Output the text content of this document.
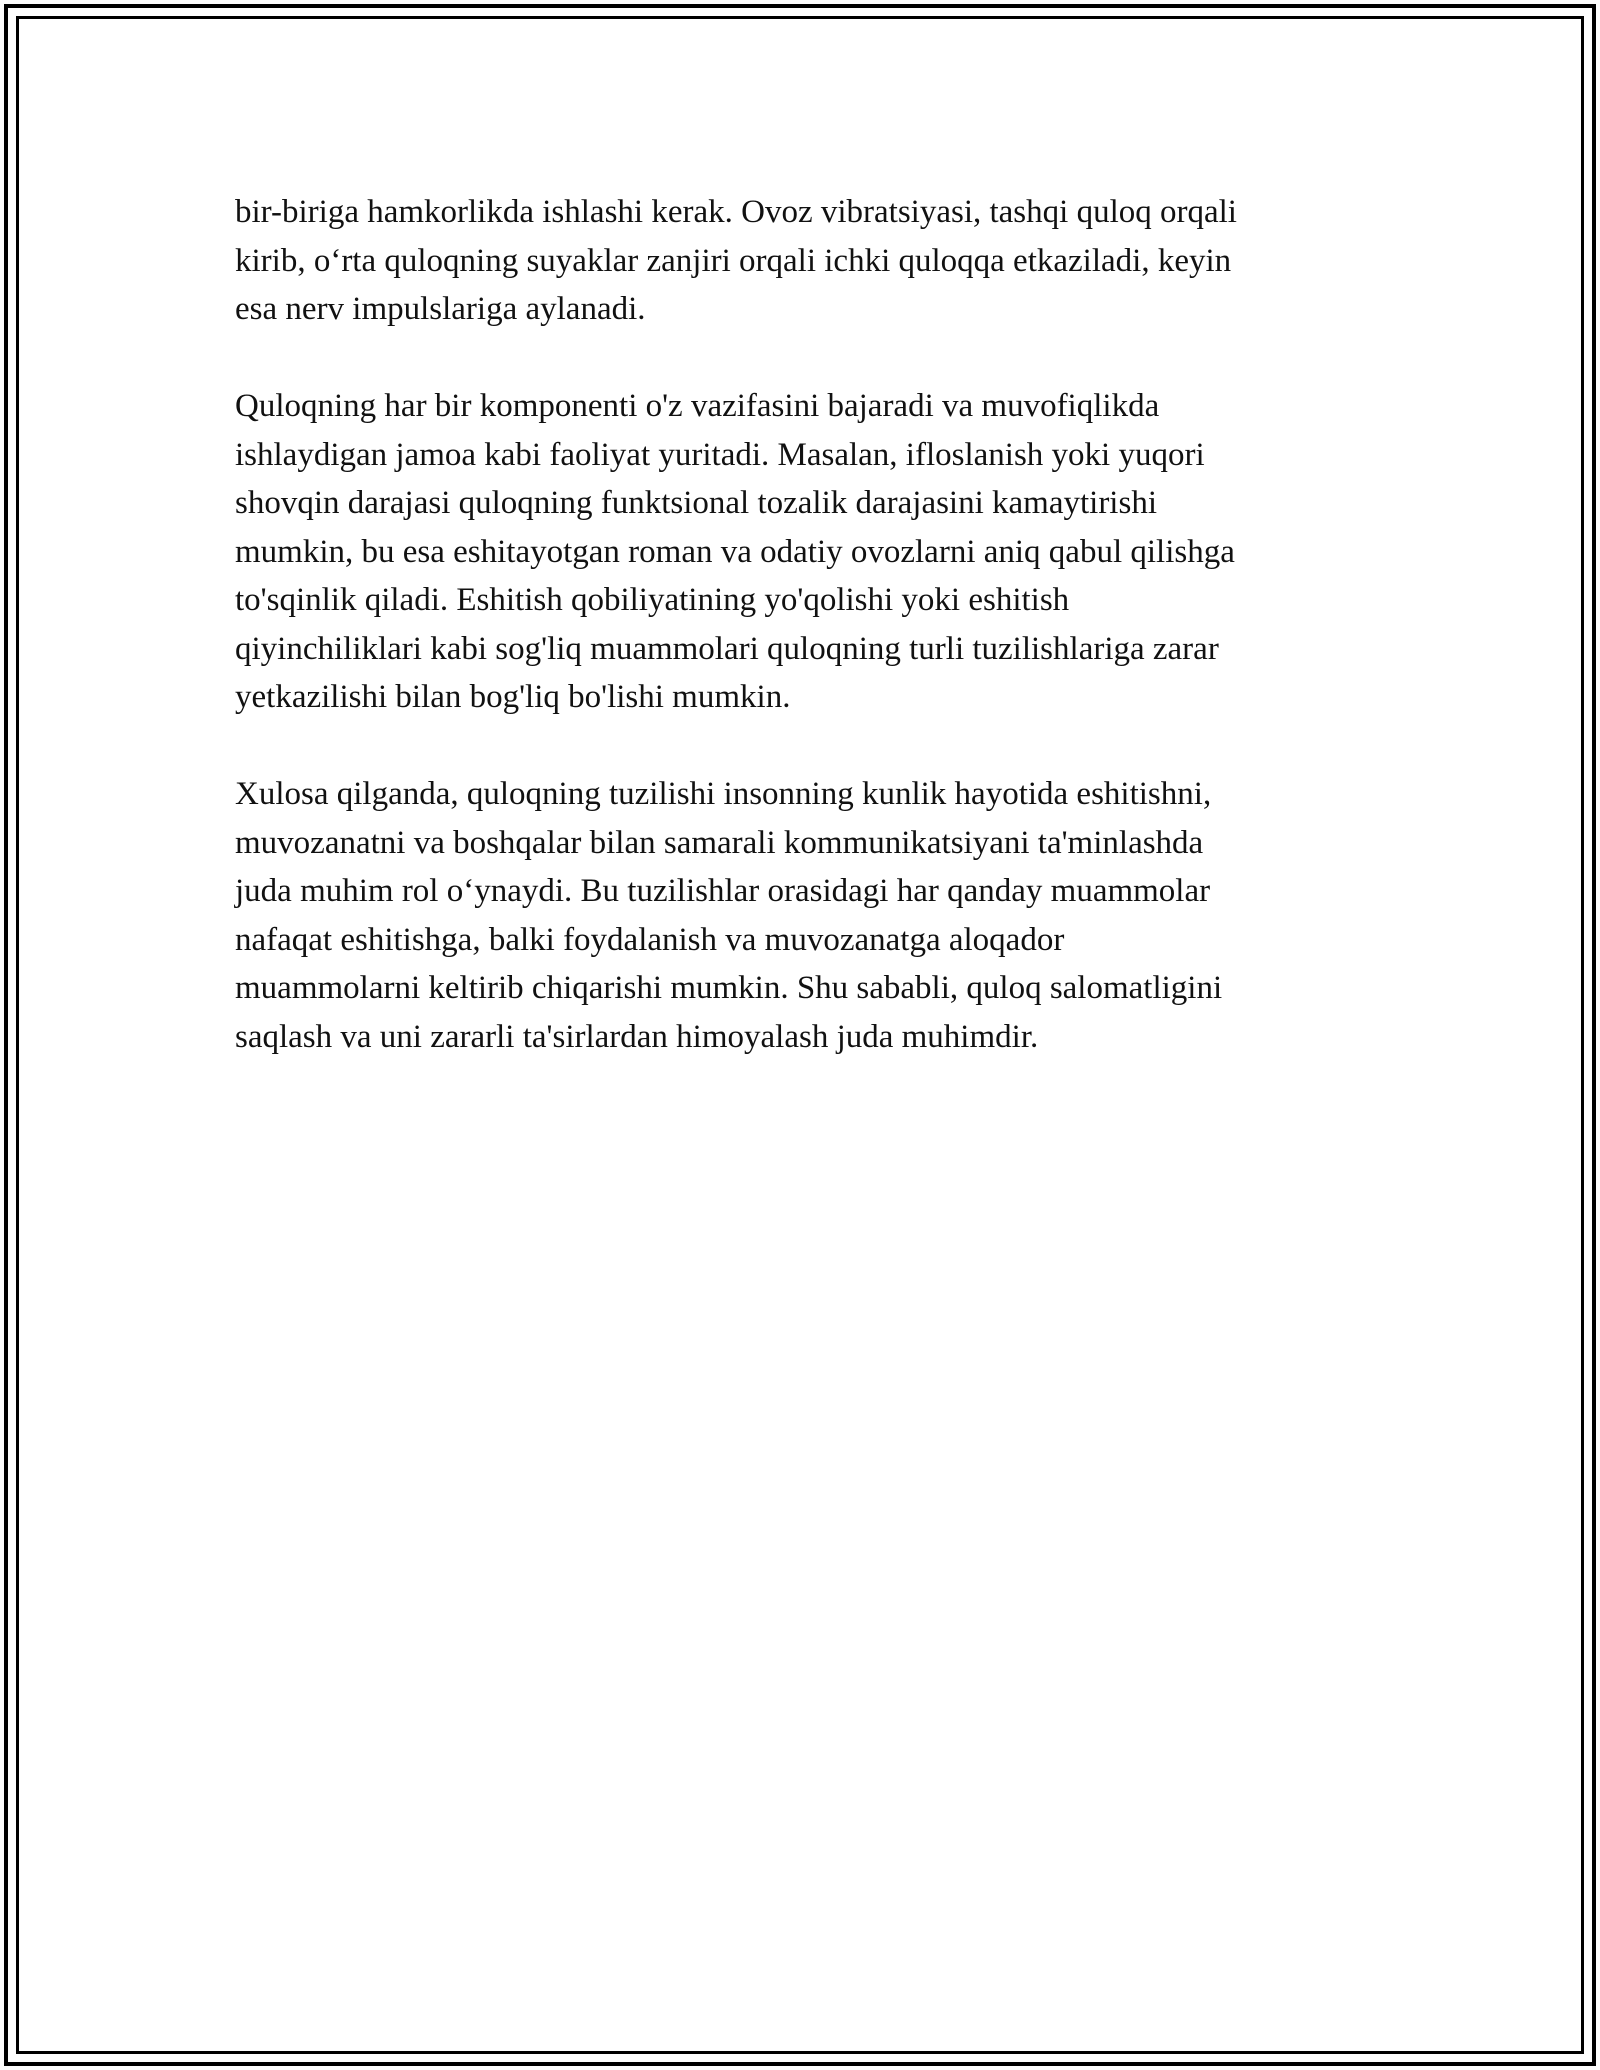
bir-biriga hamkorlikda ishlashi kerak. Ovoz vibratsiyasi, tashqi quloq orqali
kirib, o‘rta quloqning suyaklar zanjiri orqali ichki quloqqa etkaziladi, keyin
esa nerv impulslariga aylanadi.

Quloqning har bir komponenti o'z vazifasini bajaradi va muvofiqlikda
ishlaydigan jamoa kabi faoliyat yuritadi. Masalan, ifloslanish yoki yuqori
shovqin darajasi quloqning funktsional tozalik darajasini kamaytirishi
mumkin, bu esa eshitayotgan roman va odatiy ovozlarni aniq qabul qilishga
to'sqinlik qiladi. Eshitish qobiliyatining yo'qolishi yoki eshitish
qiyinchiliklari kabi sog'liq muammolari quloqning turli tuzilishlariga zarar
yetkazilishi bilan bog'liq bo'lishi mumkin.

Xulosa qilganda, quloqning tuzilishi insonning kunlik hayotida eshitishni,
muvozanatni va boshqalar bilan samarali kommunikatsiyani ta'minlashda
juda muhim rol o‘ynaydi. Bu tuzilishlar orasidagi har qanday muammolar
nafaqat eshitishga, balki foydalanish va muvozanatga aloqador
muammolarni keltirib chiqarishi mumkin. Shu sababli, quloq salomatligini
saqlash va uni zararli ta'sirlardan himoyalash juda muhimdir.
